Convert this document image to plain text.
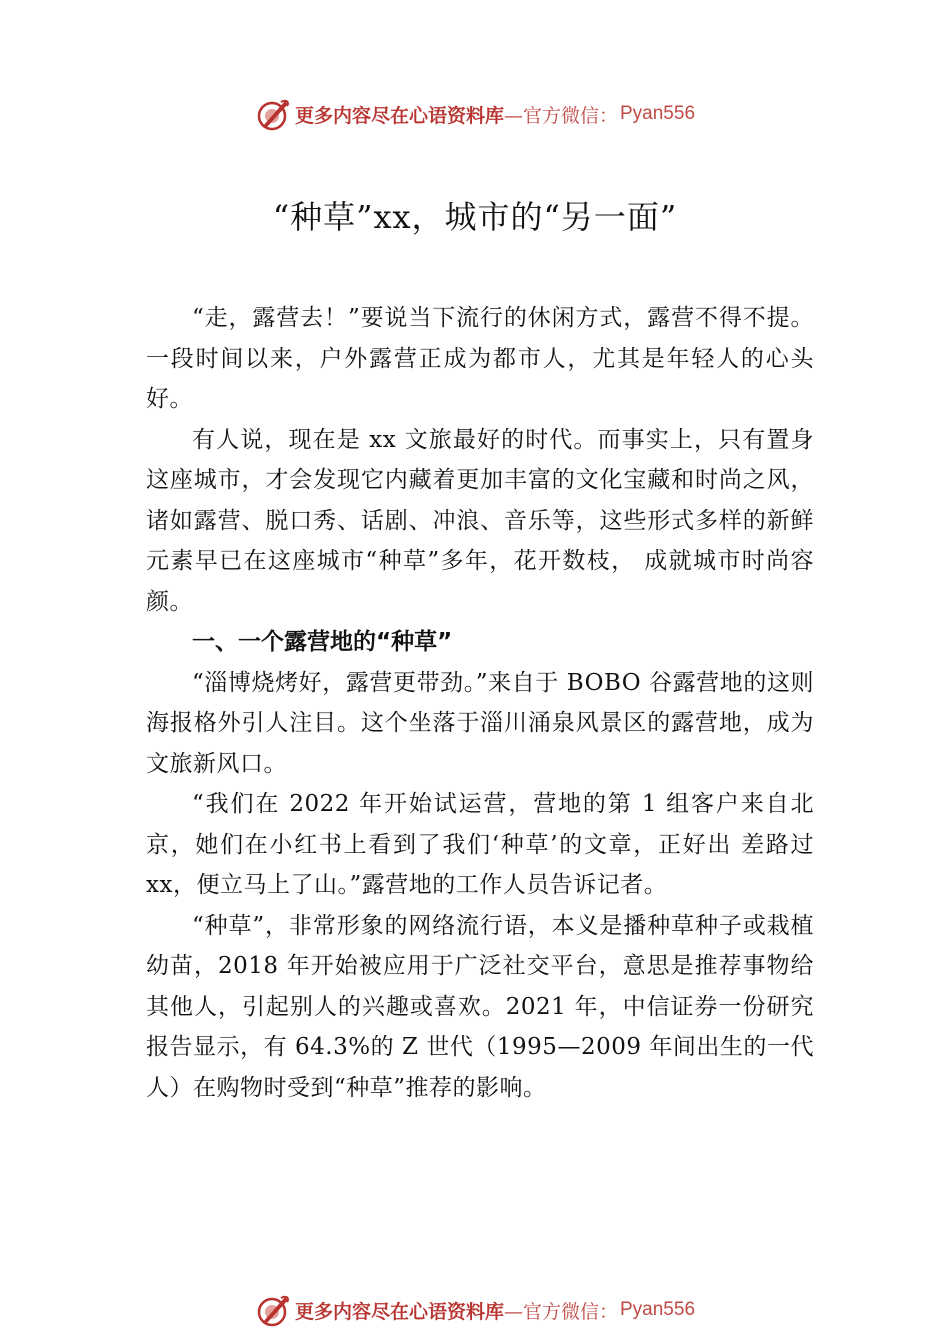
更多内容尽在心语资料库 —官方微信： Pyan556
“种草”xx，城市的“另一面”

“走，露营去！”要说当下流行的休闲方式，露营不得不提。一段时间以来，户外露营正成为都市人，尤其是年轻人的心头好。

有人说，现在是 xx 文旅最好的时代。而事实上，只有置身这座城市，才会发现它内藏着更加丰富的文化宝藏和时尚之风，诸如露营、脱口秀、话剧、冲浪、音乐等，这些形式多样的新鲜元素早已在这座城市“种草”多年，花开数枝， 成就城市时尚容颜。

一、一个露营地的“种草”

“淄博烧烤好，露营更带劲。”来自于 BOBO 谷露营地的这则海报格外引人注目。这个坐落于淄川涌泉风景区的露营地，成为文旅新风口。

“我们在 2022 年开始试运营，营地的第 1 组客户来自北京，她们在小红书上看到了我们‘种草’的文章，正好出 差路过 xx，便立马上了山。”露营地的工作人员告诉记者。

“种草”，非常形象的网络流行语，本义是播种草种子或栽植幼苗，2018 年开始被应用于广泛社交平台，意思是推荐事物给其他人，引起别人的兴趣或喜欢。2021 年，中信证券一份研究报告显示，有 64.3%的 Z 世代（1995—2009 年间出生的一代人）在购物时受到“种草”推荐的影响。

更多内容尽在心语资料库 —官方微信： Pyan556
